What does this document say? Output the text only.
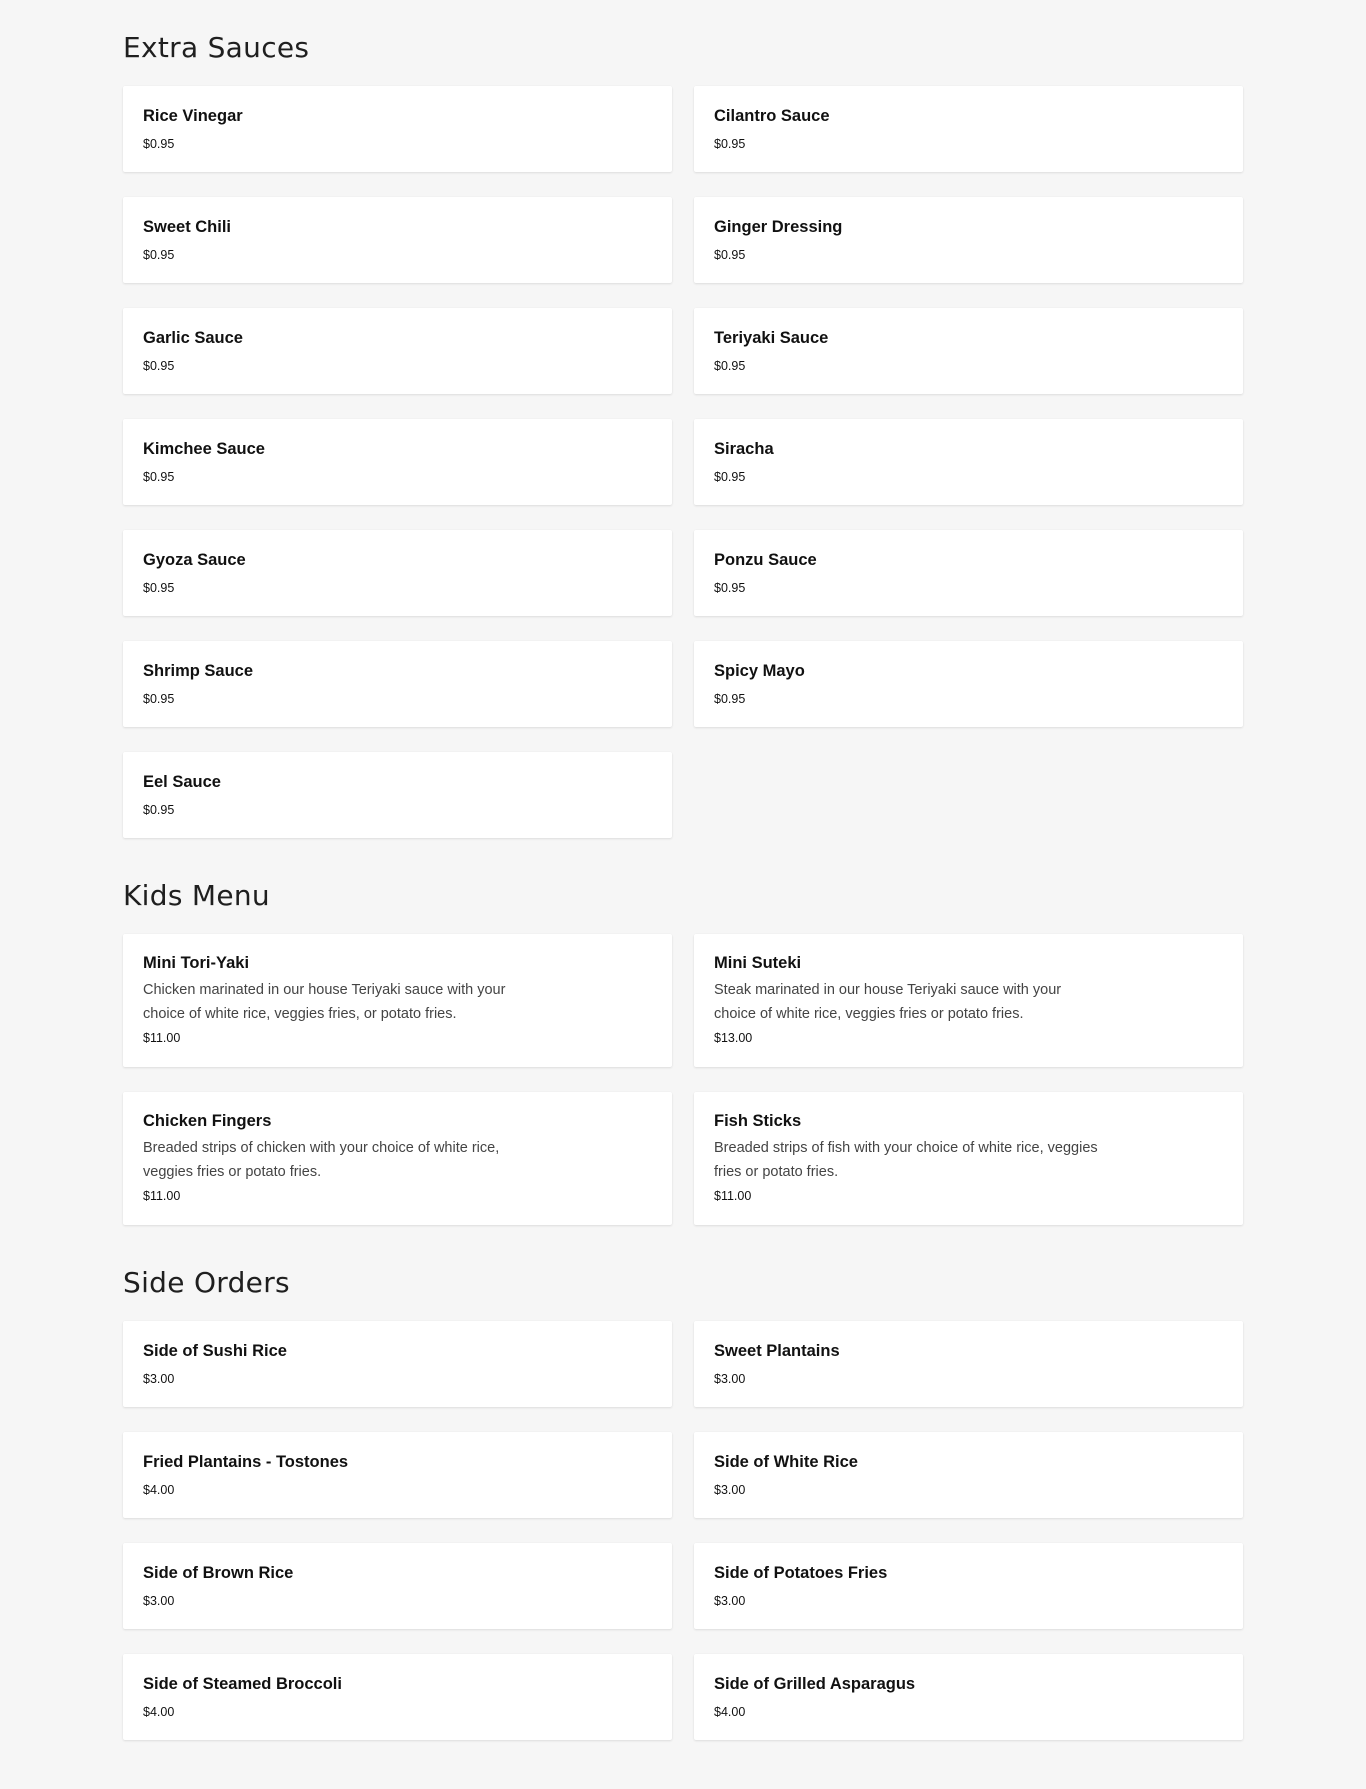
Extra Sauces
Rice Vinegar
$0.95
Cilantro Sauce
$0.95
Sweet Chili
$0.95
Ginger Dressing
$0.95
Garlic Sauce
$0.95
Teriyaki Sauce
$0.95
Kimchee Sauce
$0.95
Siracha
$0.95
Gyoza Sauce
$0.95
Ponzu Sauce
$0.95
Shrimp Sauce
$0.95
Spicy Mayo
$0.95
Eel Sauce
$0.95
Kids Menu
Mini Tori-Yaki
Chicken marinated in our house Teriyaki sauce with your choice of white rice, veggies fries, or potato fries.
$11.00
Mini Suteki
Steak marinated in our house Teriyaki sauce with your choice of white rice, veggies fries or potato fries.
$13.00
Chicken Fingers
Breaded strips of chicken with your choice of white rice, veggies fries or potato fries.
$11.00
Fish Sticks
Breaded strips of fish with your choice of white rice, veggies fries or potato fries.
$11.00
Side Orders
Side of Sushi Rice
$3.00
Sweet Plantains
$3.00
Fried Plantains - Tostones
$4.00
Side of White Rice
$3.00
Side of Brown Rice
$3.00
Side of Potatoes Fries
$3.00
Side of Steamed Broccoli
$4.00
Side of Grilled Asparagus
$4.00
